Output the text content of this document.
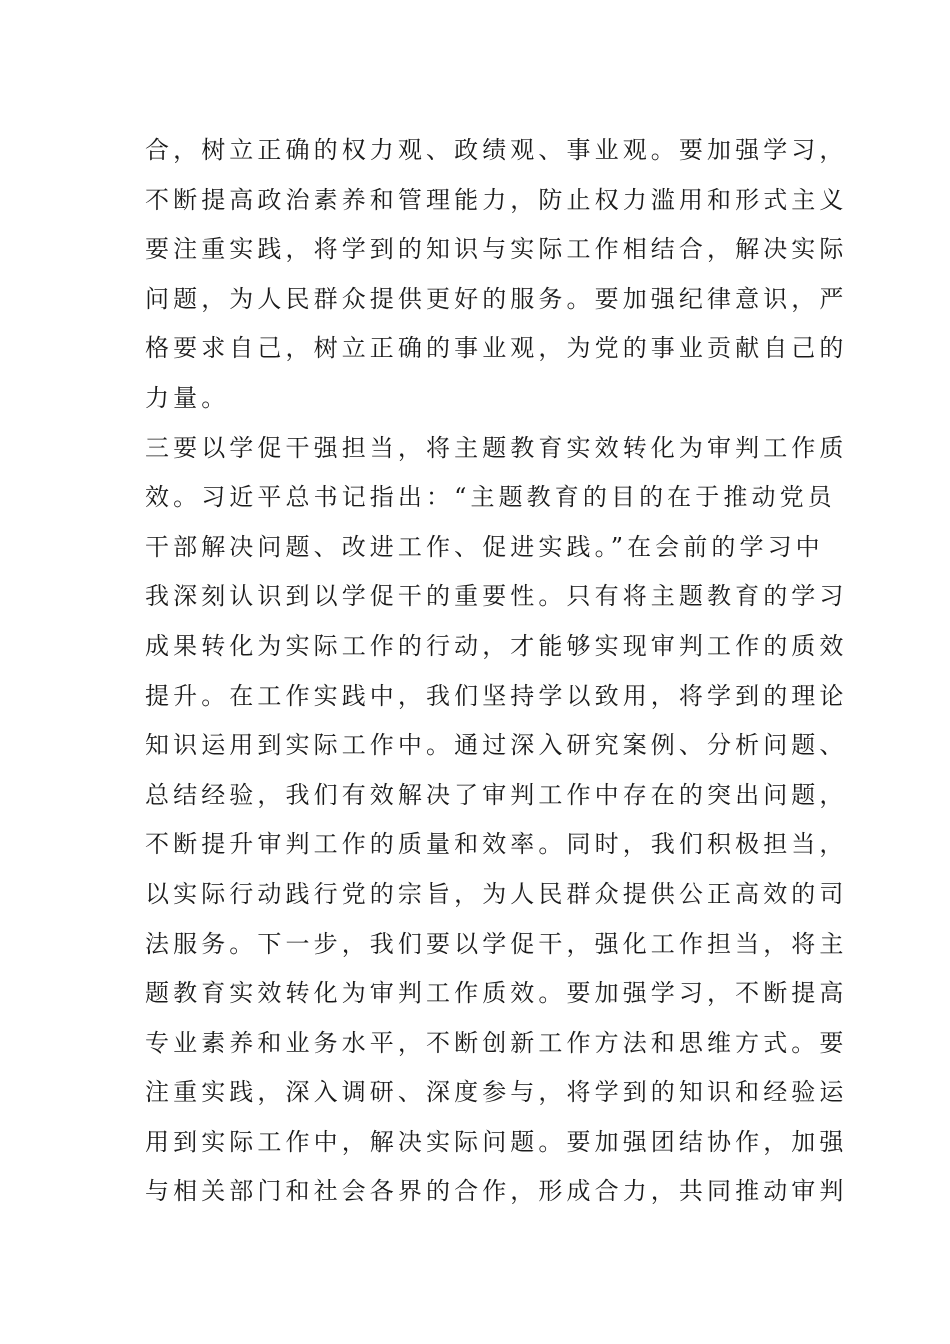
合，树立正确的权力观、政绩观、事业观。要加强学习，
不断提高政治素养和管理能力，防止权力滥用和形式主义
要注重实践，将学到的知识与实际工作相结合，解决实际
问题，为人民群众提供更好的服务。要加强纪律意识，严
格要求自己，树立正确的事业观，为党的事业贡献自己的
力量。
三要以学促干强担当，将主题教育实效转化为审判工作质
效。习近平总书记指出：“主题教育的目的在于推动党员
干部解决问题、改进工作、促进实践。”在会前的学习中
我深刻认识到以学促干的重要性。只有将主题教育的学习
成果转化为实际工作的行动，才能够实现审判工作的质效
提升。在工作实践中，我们坚持学以致用，将学到的理论
知识运用到实际工作中。通过深入研究案例、分析问题、
总结经验，我们有效解决了审判工作中存在的突出问题，
不断提升审判工作的质量和效率。同时，我们积极担当，
以实际行动践行党的宗旨，为人民群众提供公正高效的司
法服务。下一步，我们要以学促干，强化工作担当，将主
题教育实效转化为审判工作质效。要加强学习，不断提高
专业素养和业务水平，不断创新工作方法和思维方式。要
注重实践，深入调研、深度参与，将学到的知识和经验运
用到实际工作中，解决实际问题。要加强团结协作，加强
与相关部门和社会各界的合作，形成合力，共同推动审判
